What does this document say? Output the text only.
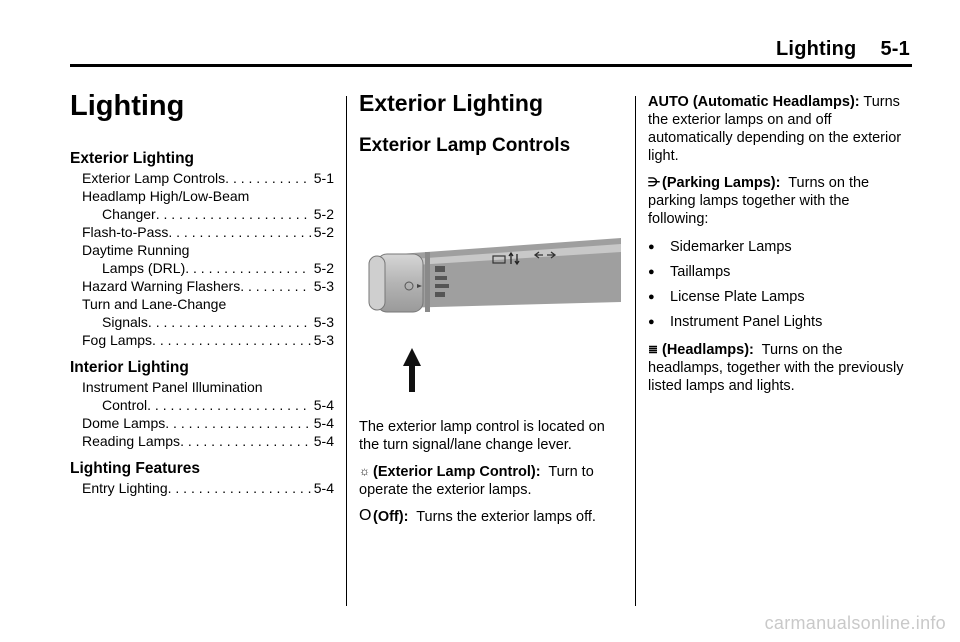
Lighting 5-1
Lighting
Exterior Lighting
Exterior Lamp Controls . . .	5-1
Headlamp High/Low-Beam
Changer . . .	5-2
Flash-to-Pass . . .	5-2
Daytime Running
Lamps (DRL) . . .	5-2
Hazard Warning Flashers . . .	5-3
Turn and Lane-Change
Signals . . .	5-3
Fog Lamps . . .	5-3
Interior Lighting
Instrument Panel Illumination
Control . . .	5-4
Dome Lamps . . .	5-4
Reading Lamps . . .	5-4
Lighting Features
Entry Lighting . . .	5-4
Exterior Lighting
Exterior Lamp Controls
The exterior lamp control is located on the turn signal/lane change lever.
☼ (Exterior Lamp Control): Turn to operate the exterior lamps.
O (Off): Turns the exterior lamps off.
AUTO (Automatic Headlamps): Turns the exterior lamps on and off automatically depending on the exterior light.
⋺ (Parking Lamps): Turns on the parking lamps together with the following:
●	Sidemarker Lamps
●	Taillamps
●	License Plate Lamps
●	Instrument Panel Lights
≣ (Headlamps): Turns on the headlamps, together with the previously listed lamps and lights.
carmanualsonline.info
